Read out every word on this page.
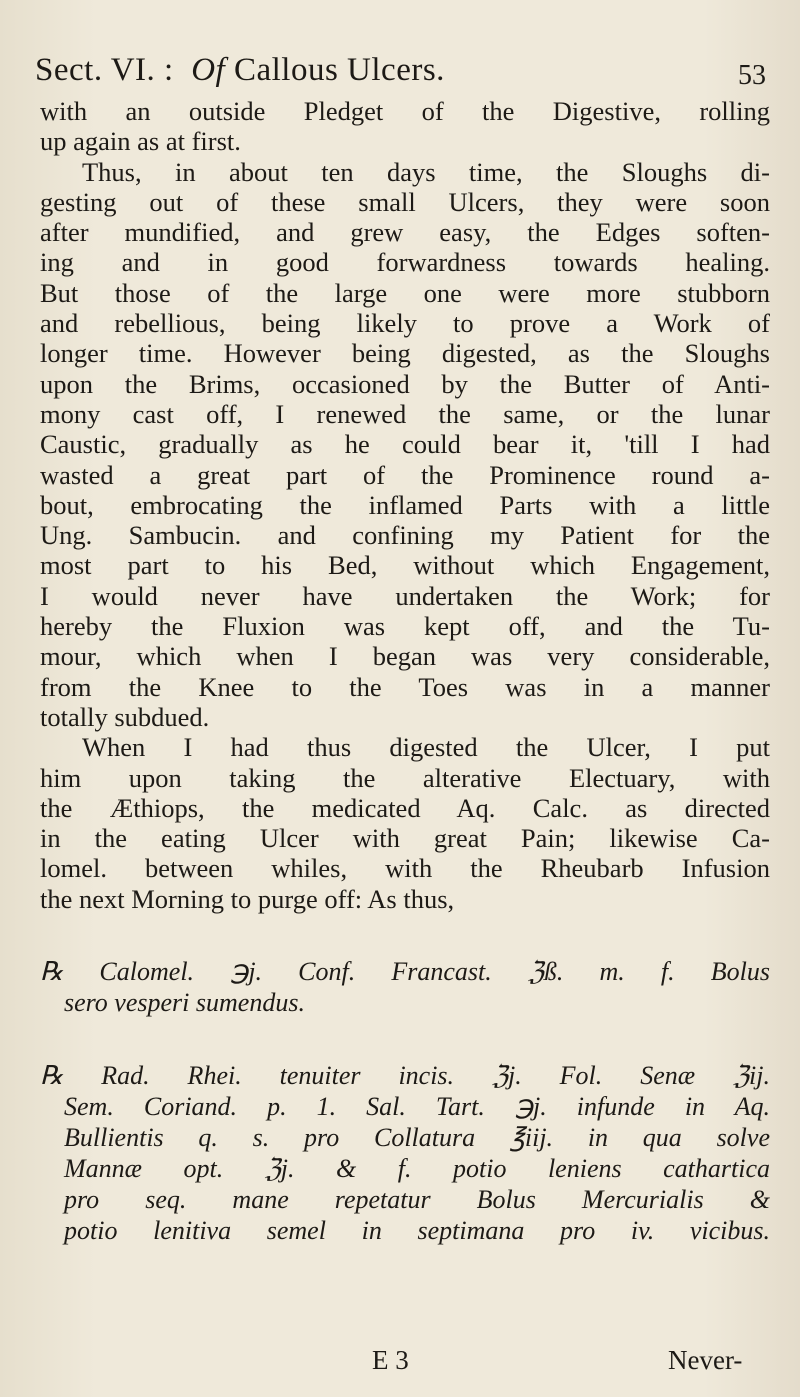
Sect. VI. :  Of Callous Ulcers.	53
with an outside Pledget of the Digestive, rolling
up again as at first.
Thus, in about ten days time, the Sloughs di-
gesting out of these small Ulcers, they were soon
after mundified, and grew easy, the Edges soften-
ing and in good forwardness towards healing.
But those of the large one were more stubborn
and rebellious, being likely to prove a Work of
longer time. However being digested, as the Sloughs
upon the Brims, occasioned by the Butter of Anti-
mony cast off, I renewed the same, or the lunar
Caustic, gradually as he could bear it, 'till I had
wasted a great part of the Prominence round a-
bout, embrocating the inflamed Parts with a little
Ung. Sambucin. and confining my Patient for the
most part to his Bed, without which Engagement,
I would never have undertaken the Work; for
hereby the Fluxion was kept off, and the Tu-
mour, which when I began was very considerable,
from the Knee to the Toes was in a manner
totally subdued.
When I had thus digested the Ulcer, I put
him upon taking the alterative Electuary, with
the Æthiops, the medicated Aq. Calc. as directed
in the eating Ulcer with great Pain; likewise Ca-
lomel. between whiles, with the Rheubarb Infusion
the next Morning to purge off: As thus,
℞ Calomel. ℈j. Conf. Francast. ℨß. m. f. Bolus
sero vesperi sumendus.
℞ Rad. Rhei. tenuiter incis. ℨj. Fol. Senæ ℨij.
Sem. Coriand. p. 1. Sal. Tart. ℈j. infunde in Aq.
Bullientis q. s. pro Collatura ℥iij. in qua solve
Mannæ opt. ℨj. & f. potio leniens cathartica
pro seq. mane repetatur Bolus Mercurialis &
potio lenitiva semel in septimana pro iv. vicibus.
E 3	Never-
